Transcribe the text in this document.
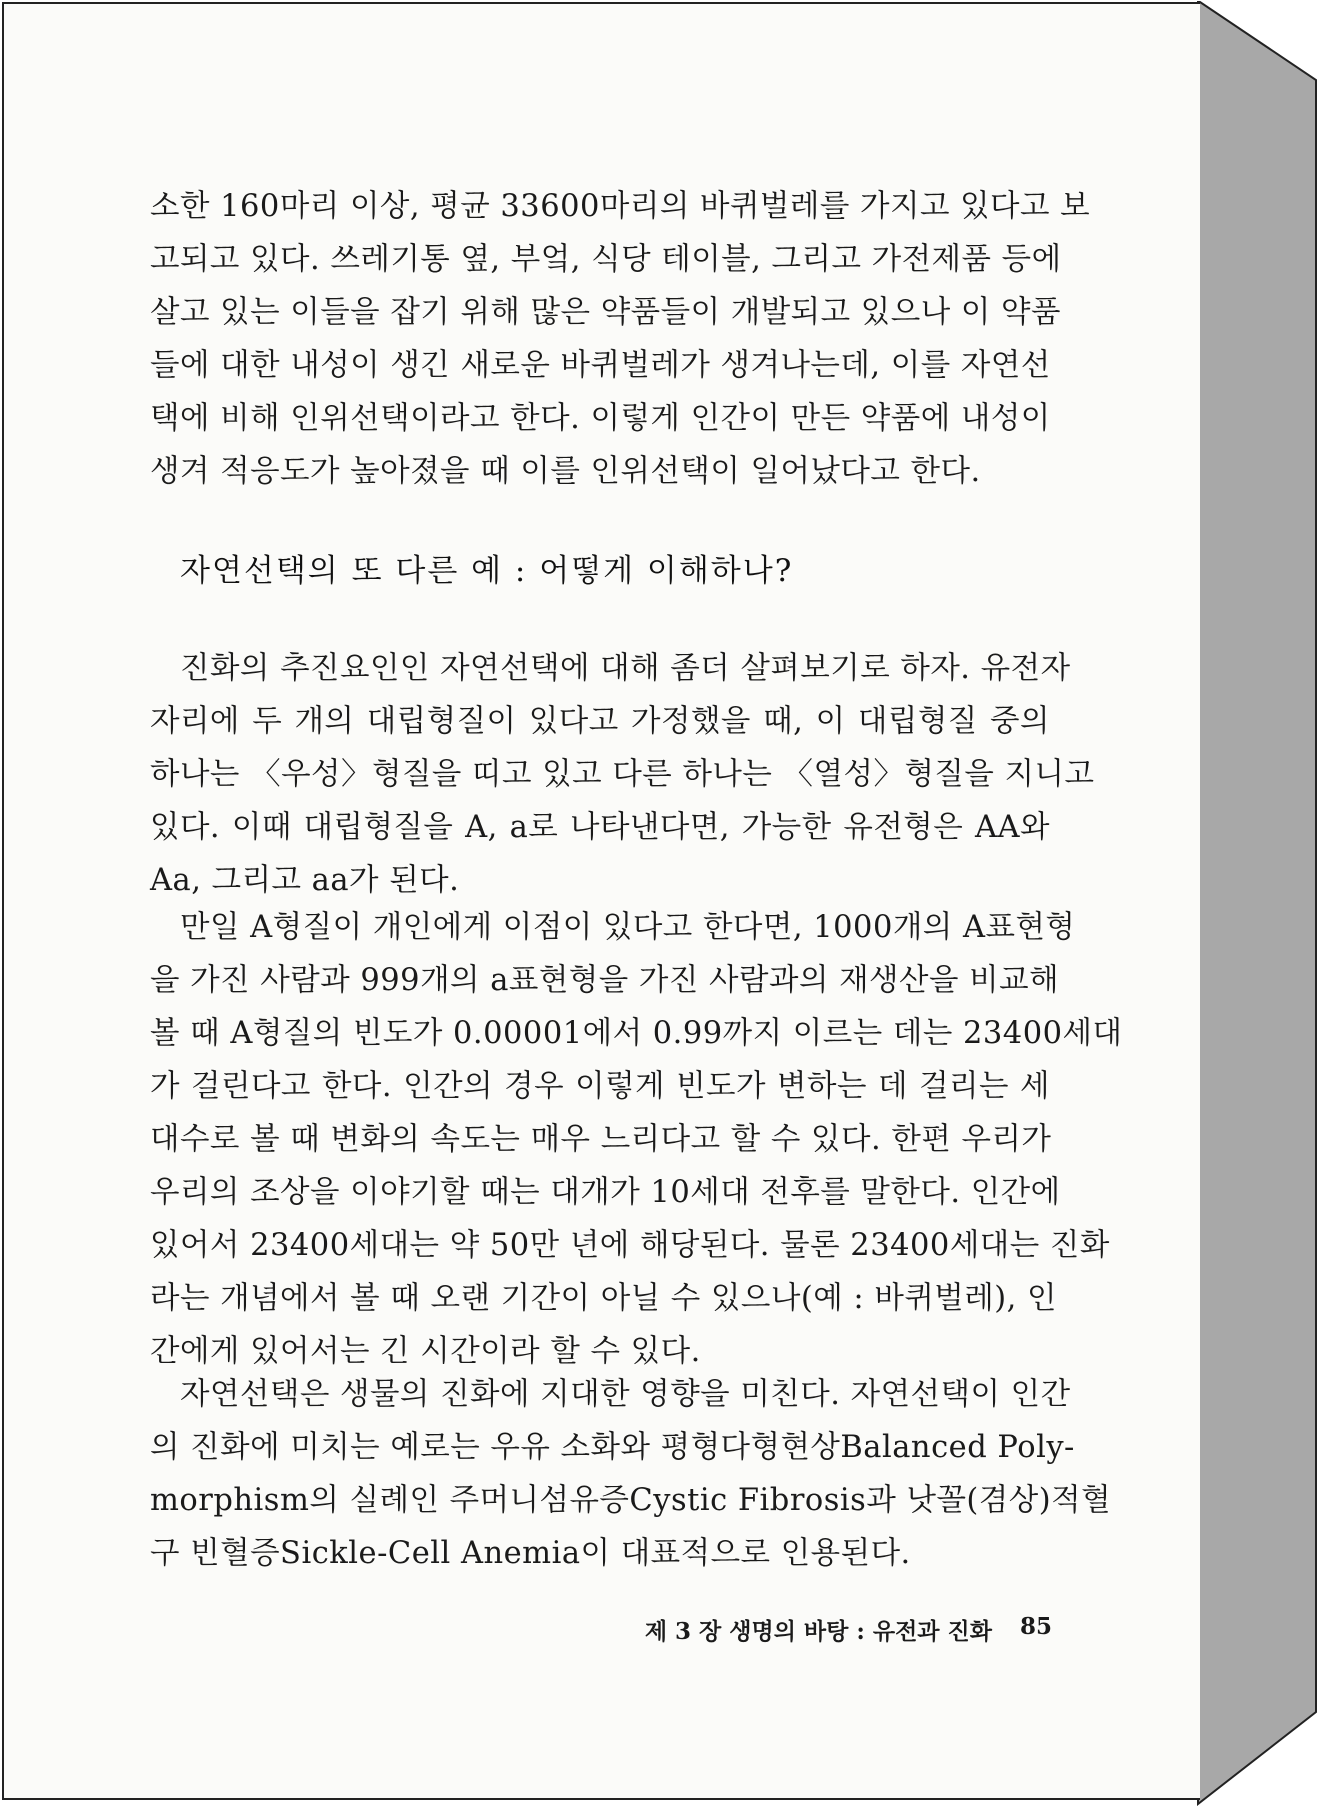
소한 160마리 이상, 평균 33600마리의 바퀴벌레를 가지고 있다고 보
고되고 있다. 쓰레기통 옆, 부엌, 식당 테이블, 그리고 가전제품 등에
살고 있는 이들을 잡기 위해 많은 약품들이 개발되고 있으나 이 약품
들에 대한 내성이 생긴 새로운 바퀴벌레가 생겨나는데, 이를 자연선
택에 비해 인위선택이라고 한다. 이렇게 인간이 만든 약품에 내성이
생겨 적응도가 높아졌을 때 이를 인위선택이 일어났다고 한다.
자연선택의 또 다른 예 : 어떻게 이해하나?
진화의 추진요인인 자연선택에 대해 좀더 살펴보기로 하자. 유전자
자리에 두 개의 대립형질이 있다고 가정했을 때, 이 대립형질 중의
하나는 〈우성〉형질을 띠고 있고 다른 하나는 〈열성〉형질을 지니고
있다. 이때 대립형질을 A, a로 나타낸다면, 가능한 유전형은 AA와
Aa, 그리고 aa가 된다.
만일 A형질이 개인에게 이점이 있다고 한다면, 1000개의 A표현형
을 가진 사람과 999개의 a표현형을 가진 사람과의 재생산을 비교해
볼 때 A형질의 빈도가 0.00001에서 0.99까지 이르는 데는 23400세대
가 걸린다고 한다. 인간의 경우 이렇게 빈도가 변하는 데 걸리는 세
대수로 볼 때 변화의 속도는 매우 느리다고 할 수 있다. 한편 우리가
우리의 조상을 이야기할 때는 대개가 10세대 전후를 말한다. 인간에
있어서 23400세대는 약 50만 년에 해당된다. 물론 23400세대는 진화
라는 개념에서 볼 때 오랜 기간이 아닐 수 있으나(예 : 바퀴벌레), 인
간에게 있어서는 긴 시간이라 할 수 있다.
자연선택은 생물의 진화에 지대한 영향을 미친다. 자연선택이 인간
의 진화에 미치는 예로는 우유 소화와 평형다형현상Balanced Poly-
morphism의 실례인 주머니섬유증Cystic Fibrosis과 낫꼴(겸상)적혈
구 빈혈증Sickle-Cell Anemia이 대표적으로 인용된다.
제 3 장 생명의 바탕 : 유전과 진화 85
